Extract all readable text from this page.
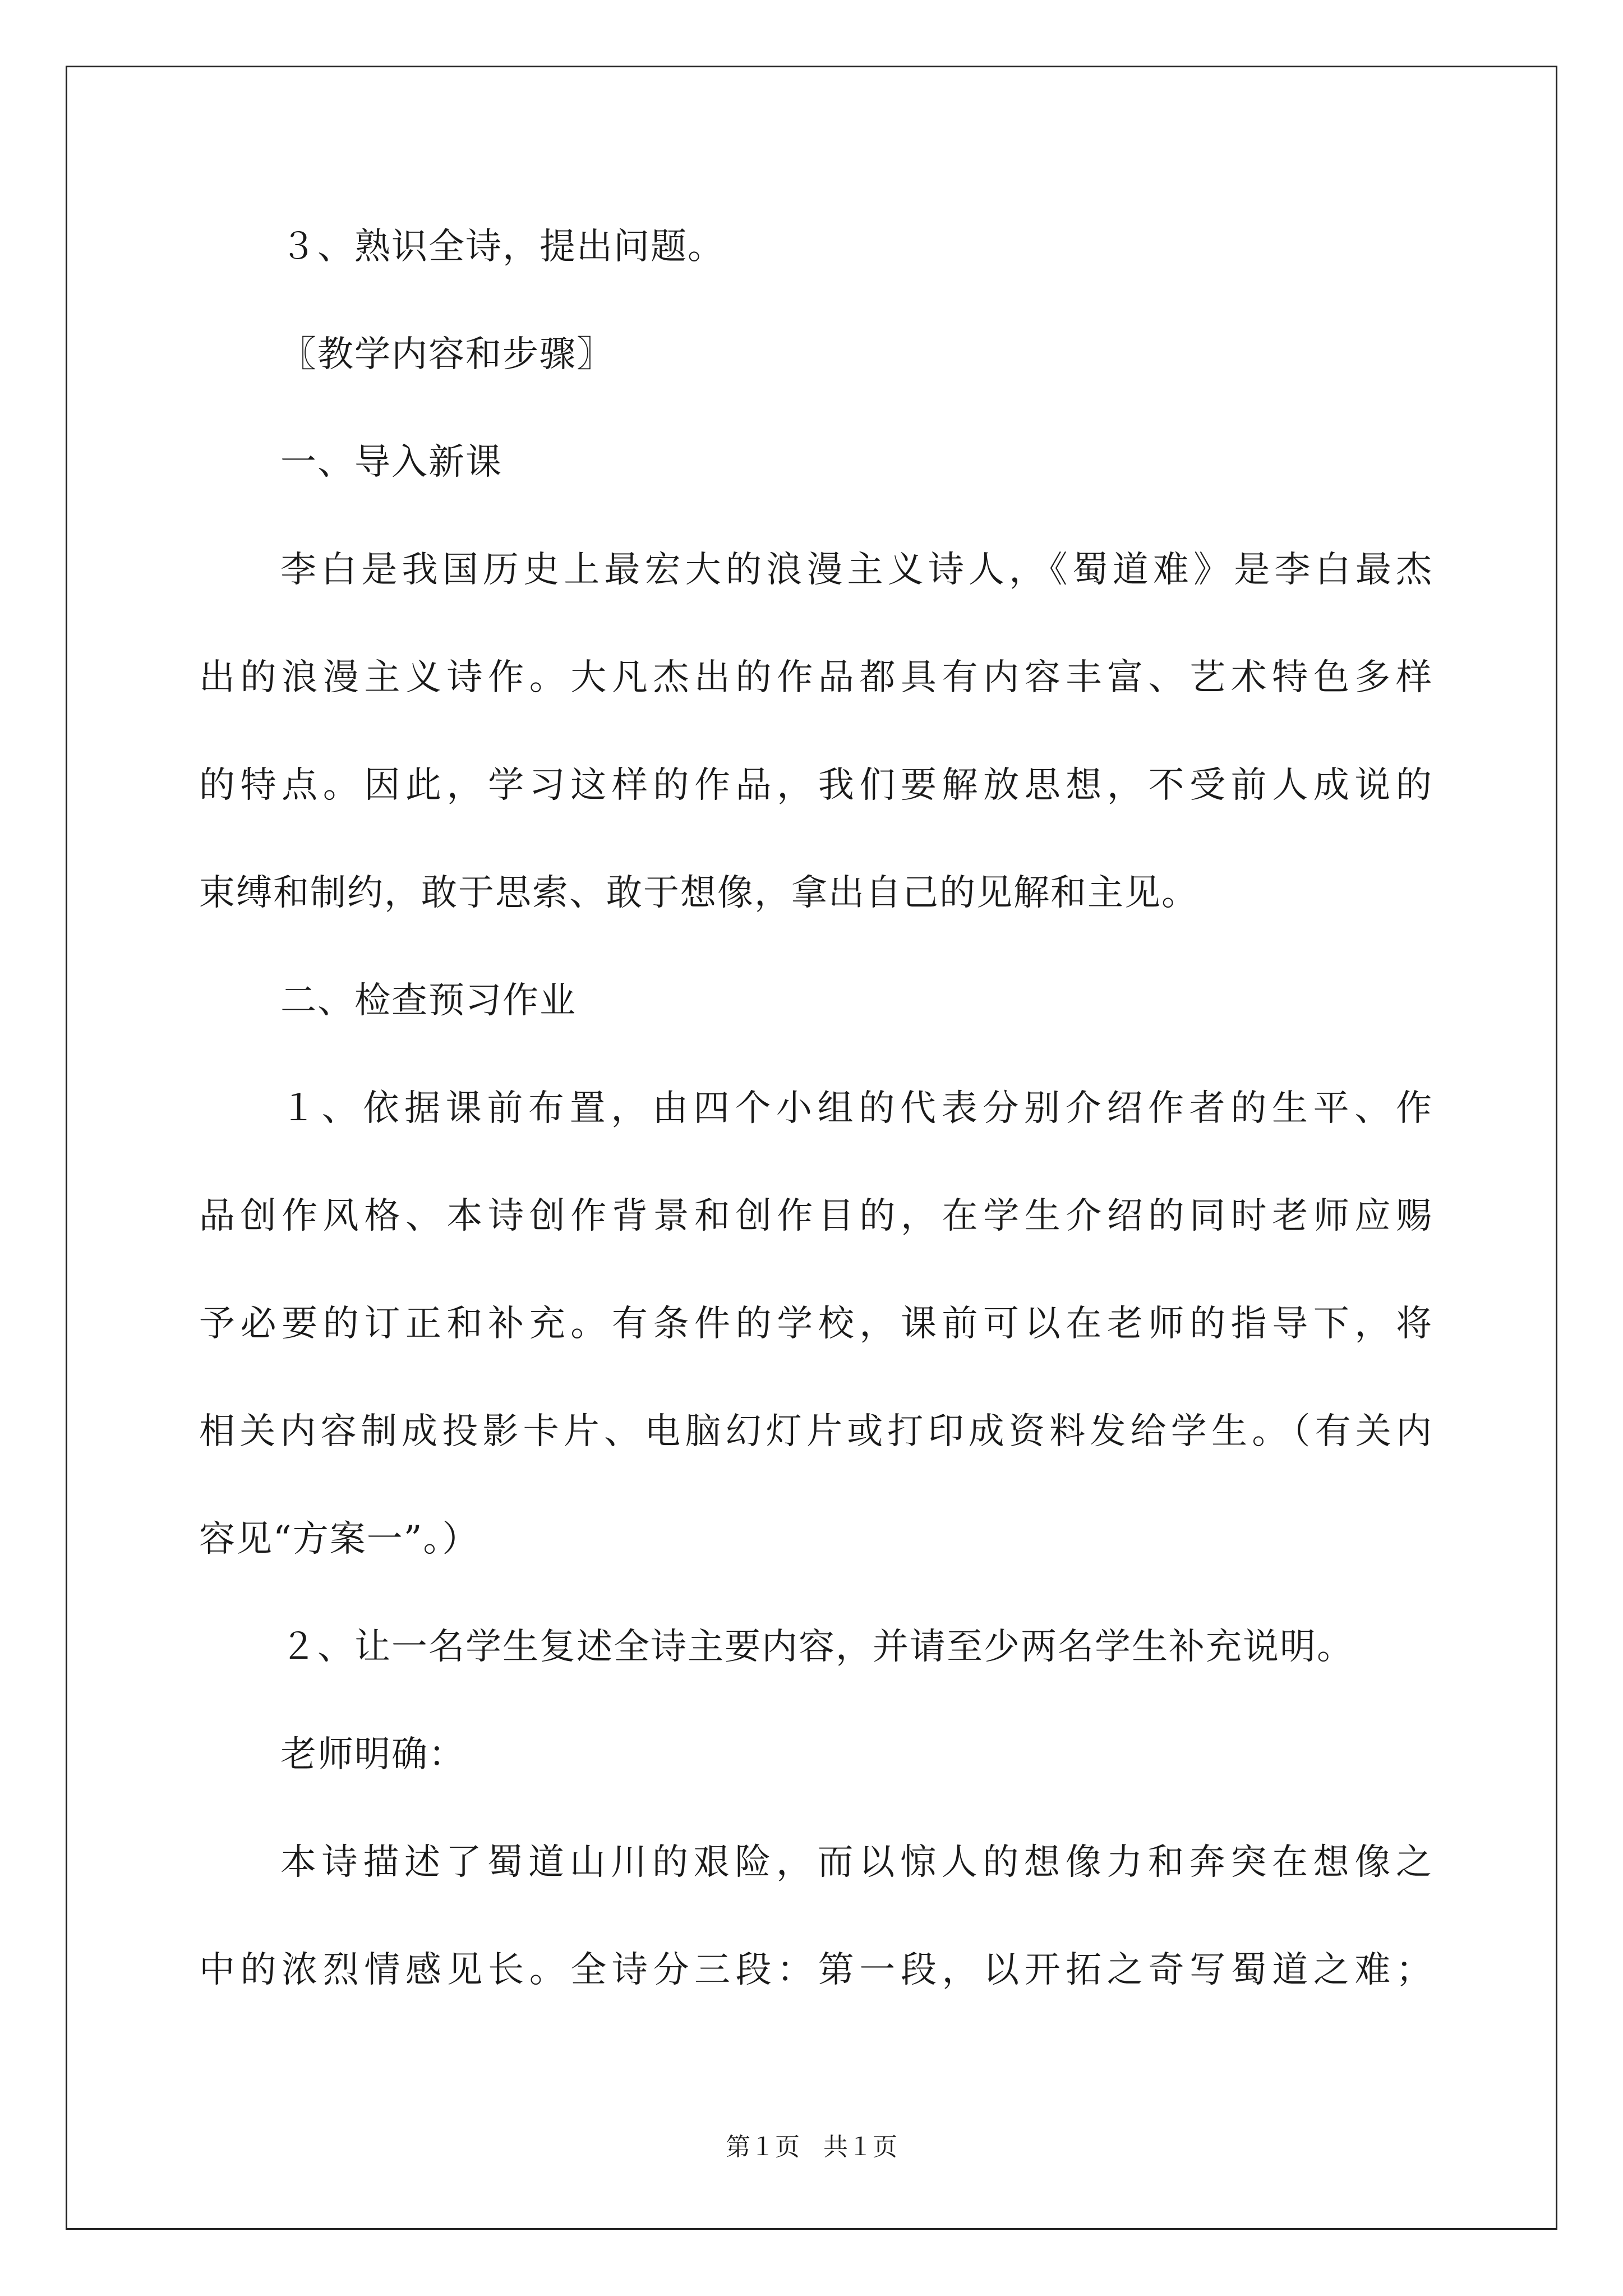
３、熟识全诗，提出问题。
〖教学内容和步骤〗
一、导入新课
李白是我国历史上最宏大的浪漫主义诗人，《蜀道难》是李白最杰
出的浪漫主义诗作。大凡杰出的作品都具有内容丰富、艺术特色多样
的特点。因此，学习这样的作品，我们要解放思想，不受前人成说的
束缚和制约，敢于思索、敢于想像，拿出自己的见解和主见。
二、检查预习作业
１、依据课前布置，由四个小组的代表分别介绍作者的生平、作
品创作风格、本诗创作背景和创作目的，在学生介绍的同时老师应赐
予必要的订正和补充。有条件的学校，课前可以在老师的指导下，将
相关内容制成投影卡片、电脑幻灯片或打印成资料发给学生。（有关内
容见“方案一”。）
２、让一名学生复述全诗主要内容，并请至少两名学生补充说明。
老师明确：
本诗描述了蜀道山川的艰险，而以惊人的想像力和奔突在想像之
中的浓烈情感见长。全诗分三段：第一段，以开拓之奇写蜀道之难；
第１页 共１页
